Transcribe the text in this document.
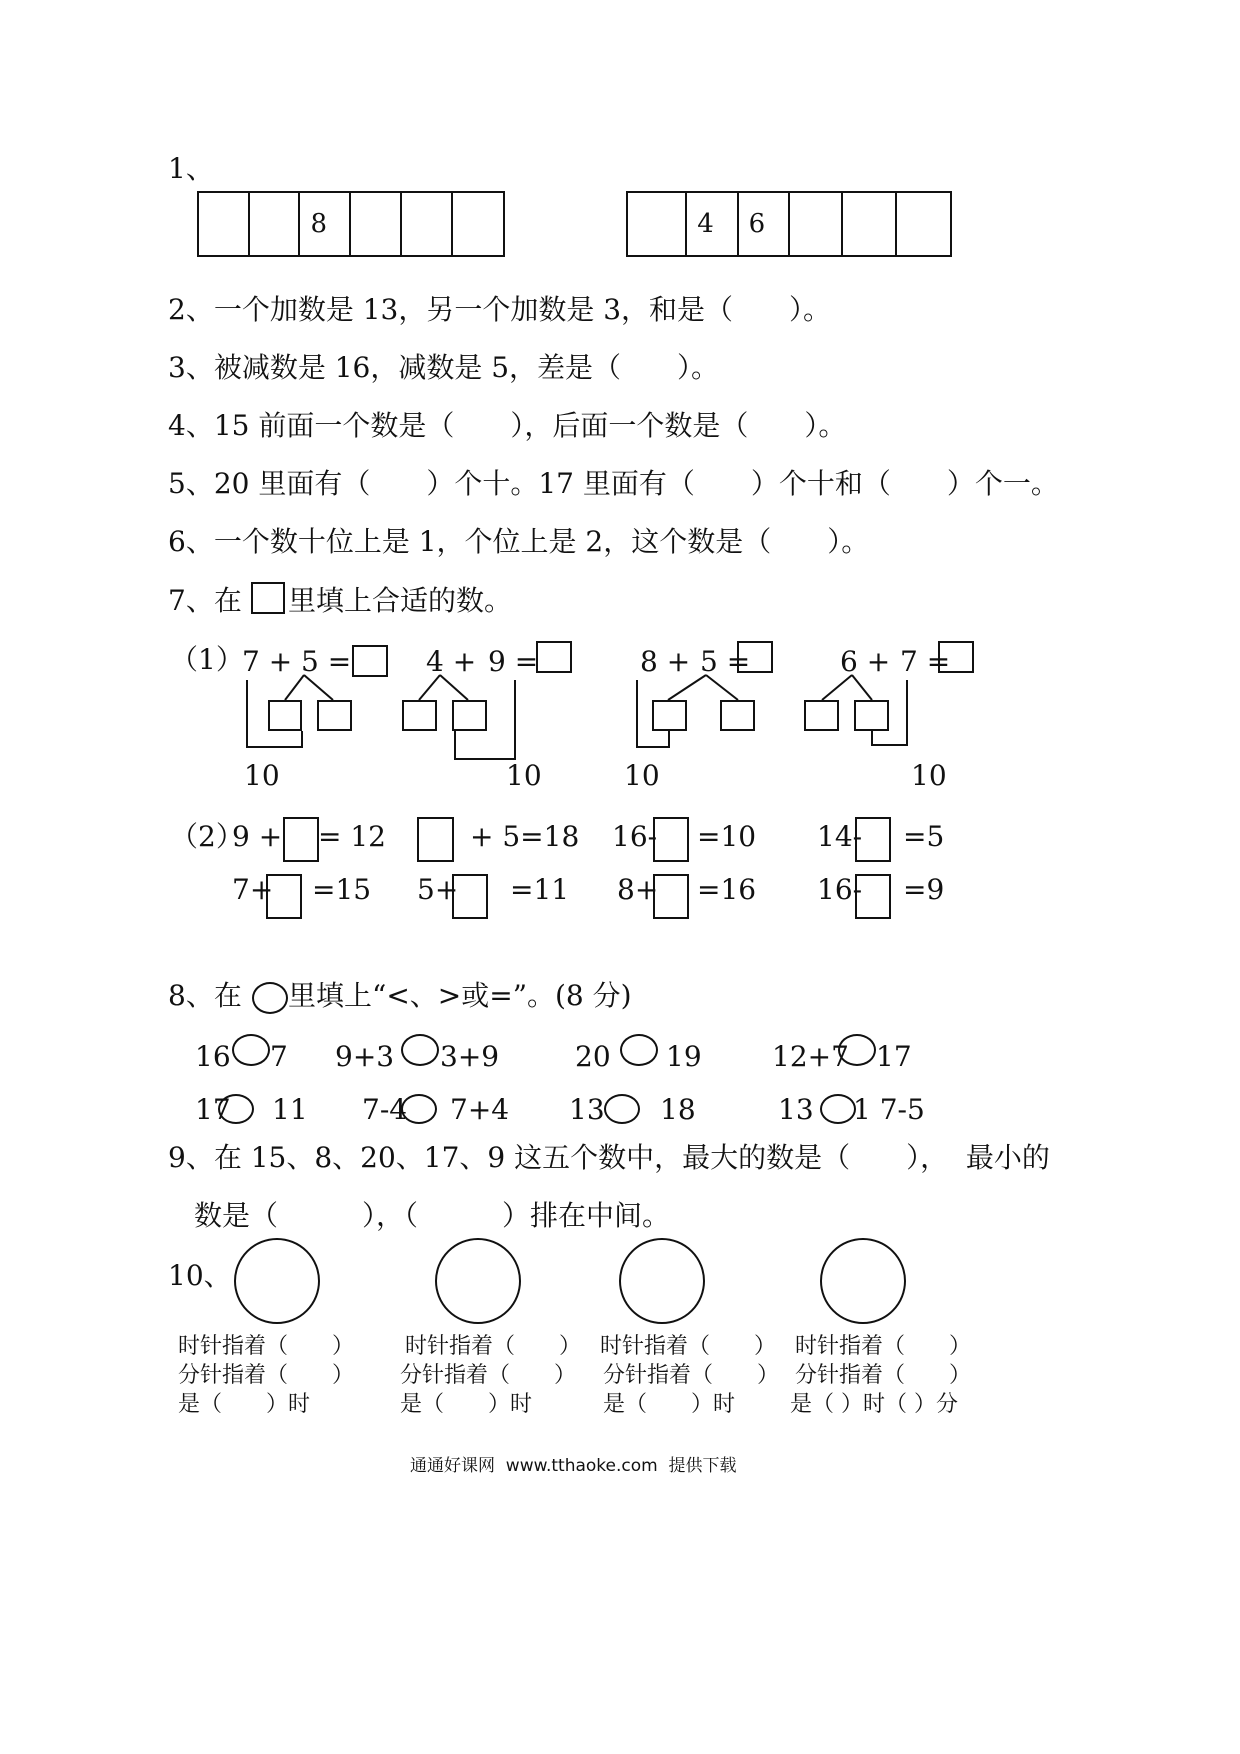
1、
8	4	6
2、一个加数是 13，另一个加数是 3，和是（　　）。
3、被减数是 16，减数是 5，差是（　　）。
4、15 前面一个数是（　　），后面一个数是（　　）。
5、20 里面有（　　）个十。17 里面有（　　）个十和（　　）个一。
6、一个数十位上是 1，个位上是 2，这个数是（　　）。
7、在 里填上合适的数。
（1）
7 + 5 =	4 + 9 =	8 + 5 =	6 + 7 =
10	10	10	10
（2）
9 + = 12	+ 5=18 16- =10 14- =5
7+ =15 5+ =11 8+ =16 16- =9
8、在 里填上“<、>或=”。(8 分)
16 7 9+3 3+9	20 19	12+7 17
17 11 7-4 7+4 13 18	13 1 7-5
9、在 15、8、20、17、9 这五个数中，最大的数是（　　），  最小的
数是（　　　），（　　　）排在中间。
10、
时针指着（　　）
分针指着（　　）
是（　　）时
时针指着（　　）
分针指着（　　）
是（　　）时
时针指着（　　）
分针指着（　　）
是（　　）时
时针指着（　　）
分针指着（　　）
是（ ）时（ ）分
通通好课网  www.tthaoke.com  提供下载
